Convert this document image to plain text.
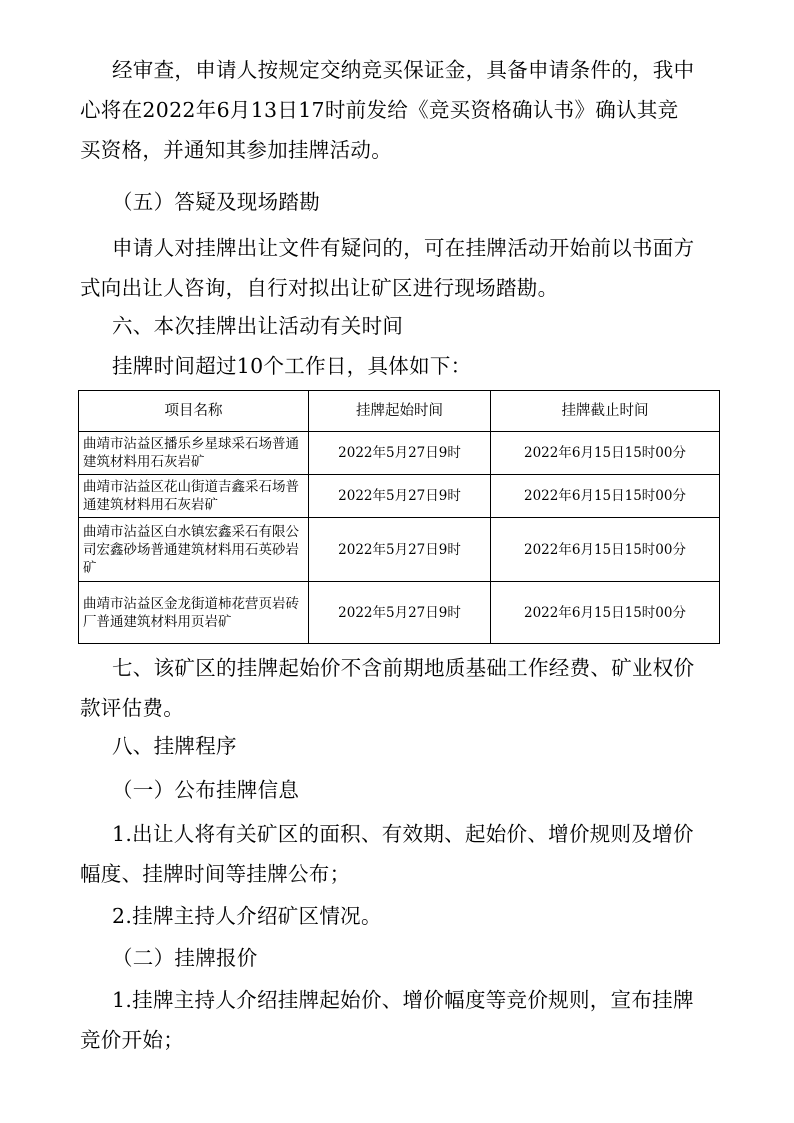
经审查，申请人按规定交纳竞买保证金，具备申请条件的，我中
心将在2022年6月13日17时前发给《竞买资格确认书》确认其竞
买资格，并通知其参加挂牌活动。

（五）答疑及现场踏勘

申请人对挂牌出让文件有疑问的，可在挂牌活动开始前以书面方
式向出让人咨询，自行对拟出让矿区进行现场踏勘。

六、本次挂牌出让活动有关时间

挂牌时间超过10个工作日，具体如下：

项目名称	挂牌起始时间	挂牌截止时间
曲靖市沾益区播乐乡星球采石场普通建筑材料用石灰岩矿	2022年5月27日9时	2022年6月15日15时00分
曲靖市沾益区花山街道吉鑫采石场普通建筑材料用石灰岩矿	2022年5月27日9时	2022年6月15日15时00分
曲靖市沾益区白水镇宏鑫采石有限公司宏鑫砂场普通建筑材料用石英砂岩矿	2022年5月27日9时	2022年6月15日15时00分
曲靖市沾益区金龙街道柿花营页岩砖厂普通建筑材料用页岩矿	2022年5月27日9时	2022年6月15日15时00分

七、该矿区的挂牌起始价不含前期地质基础工作经费、矿业权价
款评估费。

八、挂牌程序

（一）公布挂牌信息

1.出让人将有关矿区的面积、有效期、起始价、增价规则及增价
幅度、挂牌时间等挂牌公布；

2.挂牌主持人介绍矿区情况。

（二）挂牌报价

1.挂牌主持人介绍挂牌起始价、增价幅度等竞价规则，宣布挂牌
竞价开始；
